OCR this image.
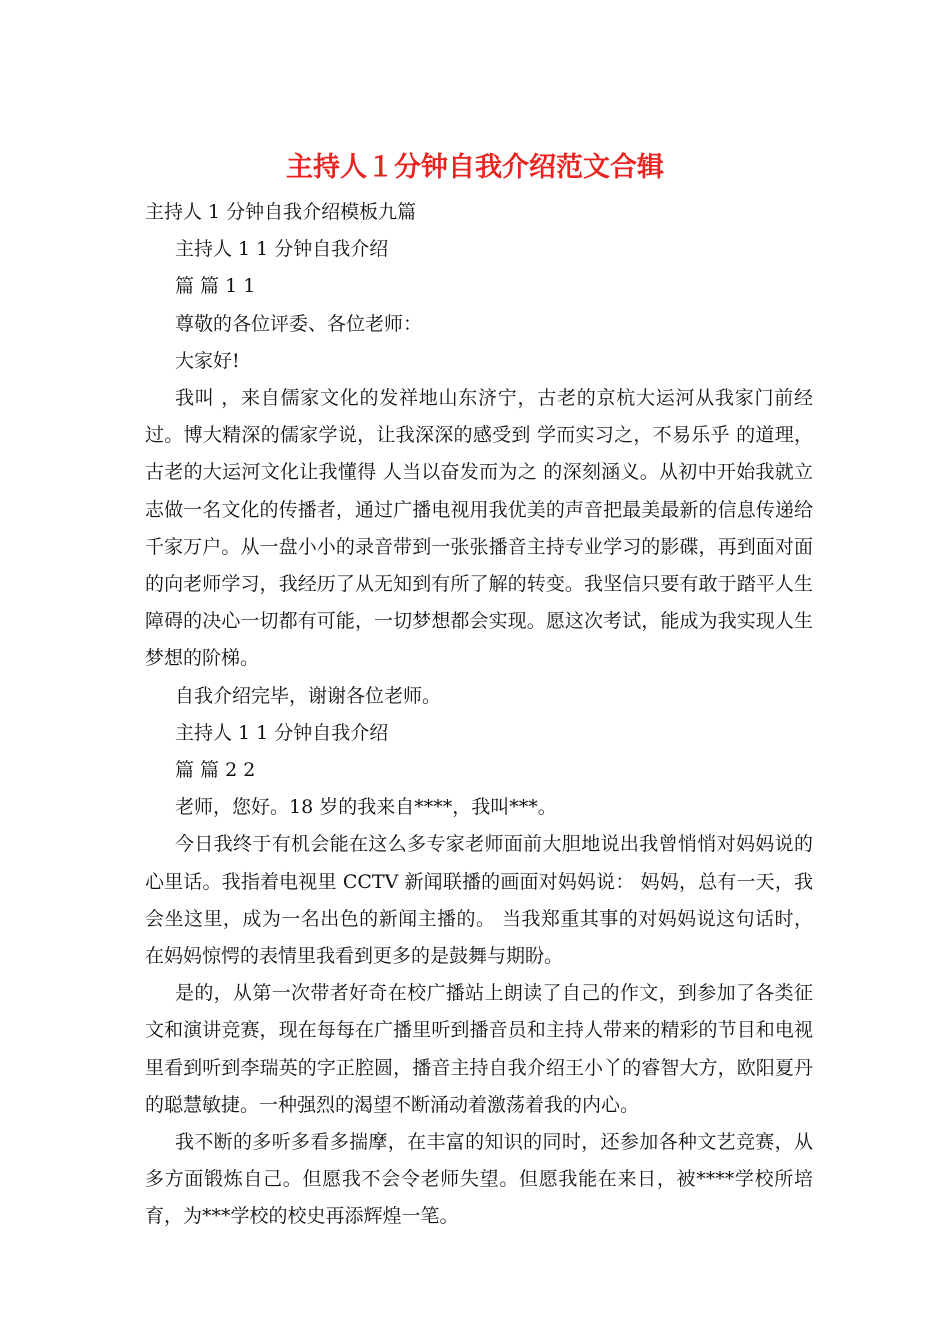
主持人１分钟自我介绍范文合辑

主持人 1 分钟自我介绍模板九篇

主持人 1 1 分钟自我介绍

篇 篇 1 1

尊敬的各位评委、各位老师：

大家好!

我叫 ，来自儒家文化的发祥地山东济宁，古老的京杭大运河从我家门前经过。博大精深的儒家学说，让我深深的感受到 学而实习之，不易乐乎 的道理，古老的大运河文化让我懂得 人当以奋发而为之 的深刻涵义。从初中开始我就立志做一名文化的传播者，通过广播电视用我优美的声音把最美最新的信息传递给千家万户。从一盘小小的录音带到一张张播音主持专业学习的影碟，再到面对面的向老师学习，我经历了从无知到有所了解的转变。我坚信只要有敢于踏平人生障碍的决心一切都有可能，一切梦想都会实现。愿这次考试，能成为我实现人生梦想的阶梯。

自我介绍完毕，谢谢各位老师。

主持人 1 1 分钟自我介绍

篇 篇 2 2

老师，您好。18 岁的我来自****，我叫***。

今日我终于有机会能在这么多专家老师面前大胆地说出我曾悄悄对妈妈说的心里话。我指着电视里 CCTV 新闻联播的画面对妈妈说： 妈妈，总有一天，我会坐这里，成为一名出色的新闻主播的。 当我郑重其事的对妈妈说这句话时，在妈妈惊愕的表情里我看到更多的是鼓舞与期盼。

是的，从第一次带者好奇在校广播站上朗读了自己的作文，到参加了各类征文和演讲竞赛，现在每每在广播里听到播音员和主持人带来的精彩的节目和电视里看到听到李瑞英的字正腔圆，播音主持自我介绍王小丫的睿智大方，欧阳夏丹的聪慧敏捷。一种强烈的渴望不断涌动着激荡着我的内心。

我不断的多听多看多揣摩，在丰富的知识的同时，还参加各种文艺竞赛，从多方面锻炼自己。但愿我不会令老师失望。但愿我能在来日，被****学校所培育，为***学校的校史再添辉煌一笔。
